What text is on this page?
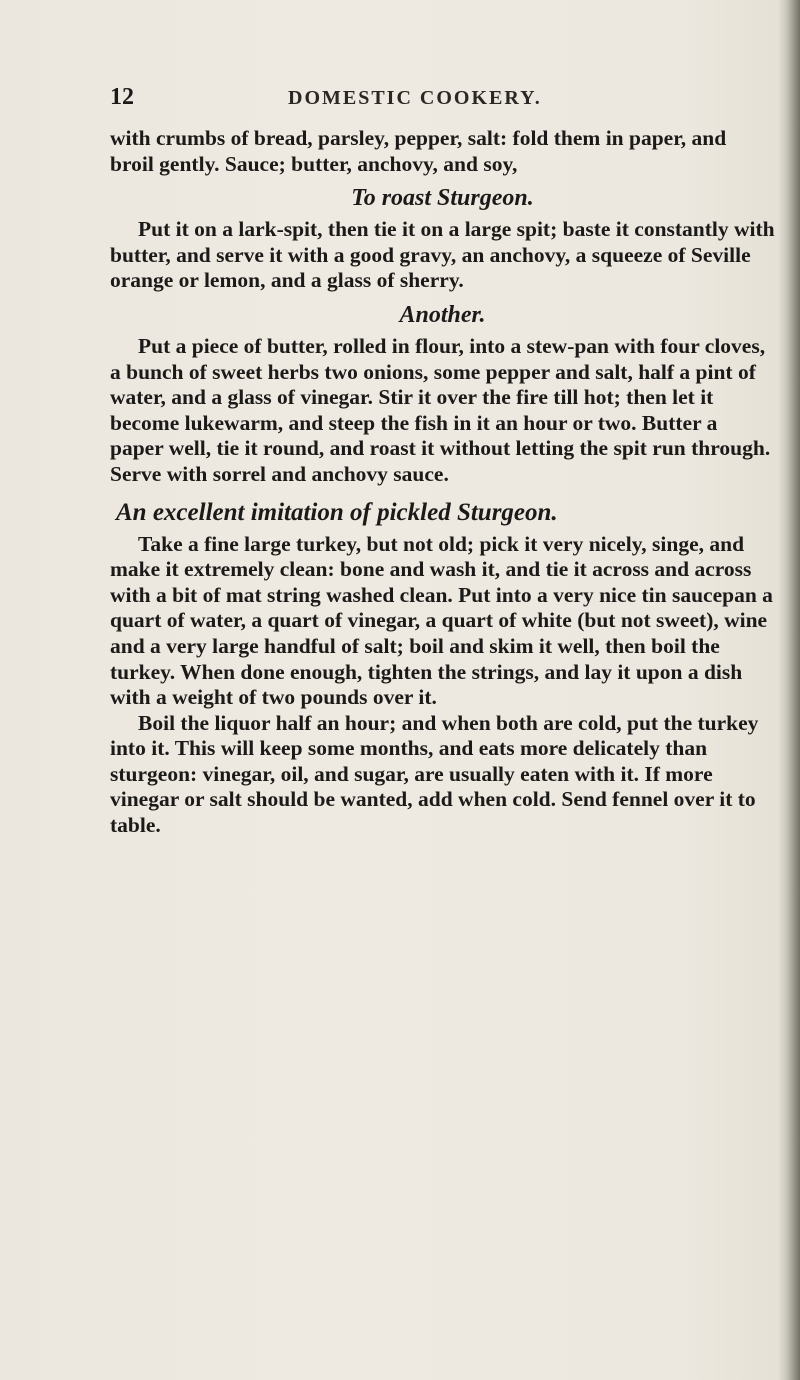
12	DOMESTIC COOKERY.

with crumbs of bread, parsley, pepper, salt: fold them in paper, and broil gently. Sauce; butter, anchovy, and soy,

To roast Sturgeon.

Put it on a lark-spit, then tie it on a large spit; baste it constantly with butter, and serve it with a good gravy, an anchovy, a squeeze of Seville orange or lemon, and a glass of sherry.

Another.

Put a piece of butter, rolled in flour, into a stew-pan with four cloves, a bunch of sweet herbs two onions, some pepper and salt, half a pint of water, and a glass of vinegar. Stir it over the fire till hot; then let it become lukewarm, and steep the fish in it an hour or two. Butter a paper well, tie it round, and roast it without letting the spit run through. Serve with sorrel and anchovy sauce.

An excellent imitation of pickled Sturgeon.

Take a fine large turkey, but not old; pick it very nicely, singe, and make it extremely clean: bone and wash it, and tie it across and across with a bit of mat string washed clean. Put into a very nice tin saucepan a quart of water, a quart of vinegar, a quart of white (but not sweet), wine and a very large handful of salt; boil and skim it well, then boil the turkey. When done enough, tighten the strings, and lay it upon a dish with a weight of two pounds over it.

Boil the liquor half an hour; and when both are cold, put the turkey into it. This will keep some months, and eats more delicately than sturgeon: vinegar, oil, and sugar, are usually eaten with it. If more vinegar or salt should be wanted, add when cold. Send fennel over it to table.
